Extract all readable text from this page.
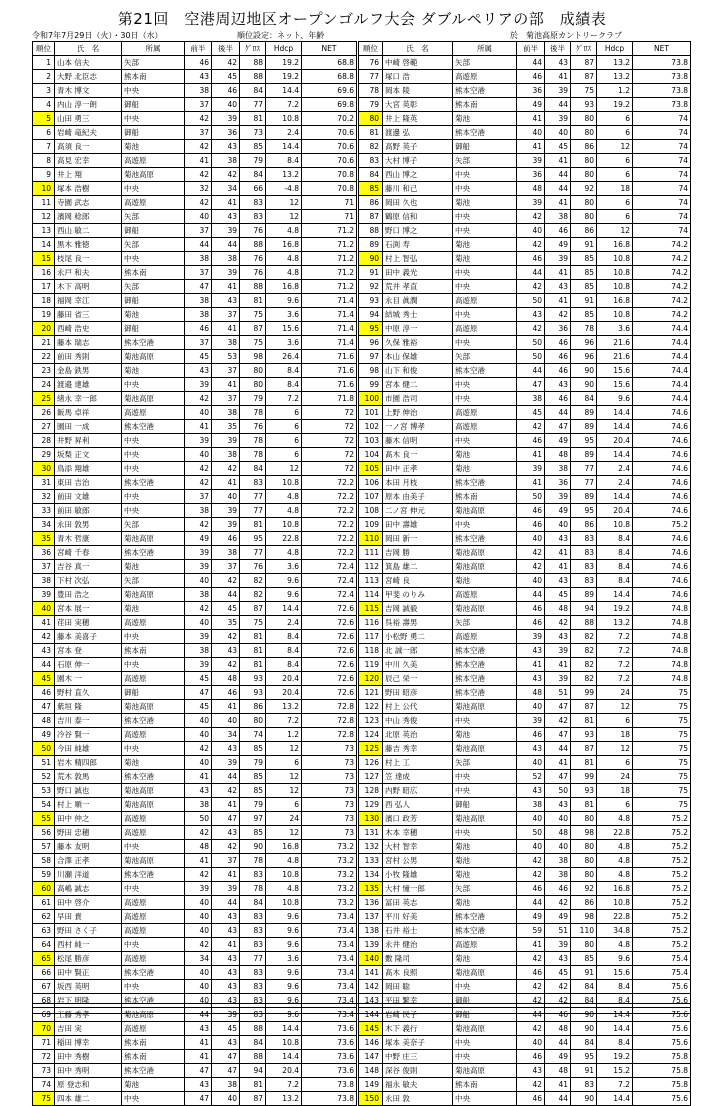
第21回　空港周辺地区オープンゴルフ大会 ダブルペリアの部　成績表
令和7年7月29日（火）・30日（水）	順位設定：ネット、年齢	於　菊池高原カントリークラブ
順位	氏　名	所属	前半	後半	ｸﾞﾛｽ	Hdcp	NET
1	山本 信夫	矢部	46	42	88	19.2	68.8
2	大野 北臣志	熊本南	43	45	88	19.2	68.8
3	青木 博文	中央	38	46	84	14.4	69.6
4	内山 淳一朗	御船	37	40	77	7.2	69.8
5	山田 勇三	中央	42	39	81	10.8	70.2
6	岩崎 竜紀夫	御船	37	36	73	2.4	70.6
7	高須 良一	菊池	42	43	85	14.4	70.6
8	高見 宏幸	高遊原	41	38	79	8.4	70.6
9	井上 翔	菊池高原	42	42	84	13.2	70.8
10	塚本 浩樹	中央	32	34	66	-4.8	70.8
11	寺園 武志	高遊原	42	41	83	12	71
12	濱岡 稔郎	矢部	40	43	83	12	71
13	西山 敏二	御船	37	39	76	4.8	71.2
14	黒木 雅徳	矢部	44	44	88	16.8	71.2
15	枝尾 良一	中央	38	38	76	4.8	71.2
16	永戸 和夫	熊本南	37	39	76	4.8	71.2
17	木下 高明	矢部	47	41	88	16.8	71.2
18	福岡 幸江	御船	38	43	81	9.6	71.4
19	藤田 省三	菊池	38	37	75	3.6	71.4
20	西崎 浩史	御船	46	41	87	15.6	71.4
21	藤本 瑞志	熊本空港	37	38	75	3.6	71.4
22	前田 秀則	菊池高原	45	53	98	26.4	71.6
23	金島 鉄男	菊池	43	37	80	8.4	71.6
24	渡邉 達雄	中央	39	41	80	8.4	71.6
25	緒永 幸一郎	菊池高原	42	37	79	7.2	71.8
26	飯馬 卓祥	高遊原	40	38	78	6	72
27	園田 一成	熊本空港	41	35	76	6	72
28	井野 昇利	中央	39	39	78	6	72
29	坂梨 正文	中央	40	38	78	6	72
30	鳥添 翔雄	中央	42	42	84	12	72
31	東田 吉治	熊本空港	42	41	83	10.8	72.2
32	前田 文雄	中央	37	40	77	4.8	72.2
33	前田 敏郎	中央	38	39	77	4.8	72.2
34	永田 敦男	矢部	42	39	81	10.8	72.2
35	青木 哲康	菊池高原	49	46	95	22.8	72.2
36	宮崎 千春	熊本空港	39	38	77	4.8	72.2
37	吉谷 真一	菊池	39	37	76	3.6	72.4
38	下村 次弘	矢部	40	42	82	9.6	72.4
39	豊田 浩之	菊池高原	38	44	82	9.6	72.4
40	宮本 展一	菊池	42	45	87	14.4	72.6
41	荏田 実穂	高遊原	40	35	75	2.4	72.6
42	藤本 美喜子	中央	39	42	81	8.4	72.6
43	宮本 登	熊本南	38	43	81	8.4	72.6
44	石原 伸一	中央	39	42	81	8.4	72.6
45	園木 一	高遊原	45	48	93	20.4	72.6
46	野村 直久	御船	47	46	93	20.4	72.6
47	紫垣 隆	菊池高原	45	41	86	13.2	72.8
48	吉川 泰一	熊本空港	40	40	80	7.2	72.8
49	冷谷 賢一	高遊原	40	34	74	1.2	72.8
50	今田 純雄	中央	42	43	85	12	73
51	岩木 精四郎	菊池	40	39	79	6	73
52	荒木 敦馬	熊本空港	41	44	85	12	73
53	野口 誠也	菊池高原	43	42	85	12	73
54	村上 順一	菊池高原	38	41	79	6	73
55	田中 仲之	高遊原	50	47	97	24	73
56	野田 忠穂	高遊原	42	43	85	12	73
57	藤本 友明	中央	48	42	90	16.8	73.2
58	合澤 正孝	菊池高原	41	37	78	4.8	73.2
59	川瀬 洋道	熊本空港	42	41	83	10.8	73.2
60	高嶋 誠志	中央	39	39	78	4.8	73.2
61	田中 啓介	高遊原	40	44	84	10.8	73.2
62	早田 貴	高遊原	40	43	83	9.6	73.4
63	野田 さく子	高遊原	40	43	83	9.6	73.4
64	西村 純一	中央	42	41	83	9.6	73.4
65	松尾 勝彦	高遊原	34	43	77	3.6	73.4
66	田中 賢正	熊本空港	40	43	83	9.6	73.4
67	坂西 英明	中央	40	43	83	9.6	73.4
68	岩下 明隆	熊本空港	40	43	83	9.6	73.4
69	工藤 秀孝	菊池高原	44	39	83	9.6	73.4
70	吉田 実	高遊原	43	45	88	14.4	73.6
71	稲田 博幸	熊本南	41	43	84	10.8	73.6
72	田中 秀樹	熊本南	41	47	88	14.4	73.6
73	田中 秀明	熊本空港	47	47	94	20.4	73.6
74	原 登志和	菊池	43	38	81	7.2	73.8
75	四本 雄二	中央	47	40	87	13.2	73.8
順位	氏　名	所属	前半	後半	ｸﾞﾛｽ	Hdcp	NET
76	中崎 啓範	矢部	44	43	87	13.2	73.8
77	塚口 浩	高遊原	46	41	87	13.2	73.8
78	岡本 陵	熊本空港	36	39	75	1.2	73.8
79	大宮 英彰	熊本南	49	44	93	19.2	73.8
80	井上 隆英	菊池	41	39	80	6	74
81	渡邊 弘	熊本空港	40	40	80	6	74
82	高野 英子	御船	41	45	86	12	74
83	大村 博子	矢部	39	41	80	6	74
84	西山 博之	中央	36	44	80	6	74
85	藤川 和己	中央	48	44	92	18	74
86	岡田 久也	菊池	39	41	80	6	74
87	鶴原 信和	中央	42	38	80	6	74
88	野口 博之	中央	40	46	86	12	74
89	石渕 寿	菊池	42	49	91	16.8	74.2
90	村上 智弘	菊池	46	39	85	10.8	74.2
91	田中 義光	中央	44	41	85	10.8	74.2
92	荒井 孝直	中央	42	43	85	10.8	74.2
93	永目 眞潤	高遊原	50	41	91	16.8	74.2
94	結城 秀士	中央	43	42	85	10.8	74.2
95	中原 淳一	高遊原	42	36	78	3.6	74.4
96	久保 雅裕	中央	50	46	96	21.6	74.4
97	本山 保雄	矢部	50	46	96	21.6	74.4
98	山下 和俊	熊本空港	44	46	90	15.6	74.4
99	宮本 健二	中央	47	43	90	15.6	74.4
100	市園 浩司	中央	38	46	84	9.6	74.4
101	上野 伸治	高遊原	45	44	89	14.4	74.6
102	一ノ宮 博孝	高遊原	42	47	89	14.4	74.6
103	藤木 信明	中央	46	49	95	20.4	74.6
104	髙木 良一	菊池	41	48	89	14.4	74.6
105	田中 正孝	菊池	39	38	77	2.4	74.6
106	本田 月枝	熊本空港	41	36	77	2.4	74.6
107	原本 由美子	熊本南	50	39	89	14.4	74.6
108	二ノ宮 伸元	菊池高原	46	49	95	20.4	74.6
109	田中 壽雄	中央	46	40	86	10.8	75.2
110	岡田 新一	熊本空港	40	43	83	8.4	74.6
111	吉岡 勝	菊池高原	42	41	83	8.4	74.6
112	箕島 雄二	菊池高原	42	41	83	8.4	74.6
113	宮崎 良	菊池	40	43	83	8.4	74.6
114	甲斐 のりみ	高遊原	44	45	89	14.4	74.6
115	吉岡 誠毅	菊池高原	46	48	94	19.2	74.8
116	呉裕 壽男	矢部	46	42	88	13.2	74.8
117	小松野 勇二	高遊原	39	43	82	7.2	74.8
118	北 誠一郎	熊本空港	43	39	82	7.2	74.8
119	中川 久美	熊本空港	41	41	82	7.2	74.8
120	辰己 栄一	熊本空港	43	39	82	7.2	74.8
121	野田 昭彦	熊本空港	48	51	99	24	75
122	村上 公代	菊池高原	40	47	87	12	75
123	中山 秀俊	中央	39	42	81	6	75
124	北原 英治	菊池	46	47	93	18	75
125	藤吉 秀幸	菊池高原	43	44	87	12	75
126	村上 工	矢部	40	41	81	6	75
127	笠 達成	中央	52	47	99	24	75
128	内野 昭広	中央	43	50	93	18	75
129	西 弘人	御船	38	43	81	6	75
130	濱口 政芳	菊池高原	40	40	80	4.8	75.2
131	木本 幸穂	中央	50	48	98	22.8	75.2
132	大村 智幸	菊池	40	40	80	4.8	75.2
133	宮村 公男	菊池	42	38	80	4.8	75.2
134	小牧 隆雄	菊池	42	38	80	4.8	75.2
135	大村 憧一郎	矢部	46	46	92	16.8	75.2
136	冨田 英志	菊池	44	42	86	10.8	75.2
137	平川 好美	熊本空港	49	49	98	22.8	75.2
138	石井 裕士	熊本空港	59	51	110	34.8	75.2
139	永井 健治	高遊原	41	39	80	4.8	75.2
140	數 隆司	菊池	42	43	85	9.6	75.4
141	髙木 良照	菊池高原	46	45	91	15.6	75.4
142	岡田 聡	中央	42	42	84	8.4	75.6
143	平田 繁幸	御船	42	42	84	8.4	75.6
144	岩崎 民子	御船	44	46	90	14.4	75.6
145	木下 義行	菊池高原	42	48	90	14.4	75.6
146	塚本 美奈子	中央	40	44	84	8.4	75.6
147	中野 庄三	中央	46	49	95	19.2	75.8
148	深谷 俊則	菊池高原	43	48	91	15.2	75.8
149	福永 敏夫	熊本南	42	41	83	7.2	75.8
150	永田 敦	中央	46	44	90	14.4	75.6
